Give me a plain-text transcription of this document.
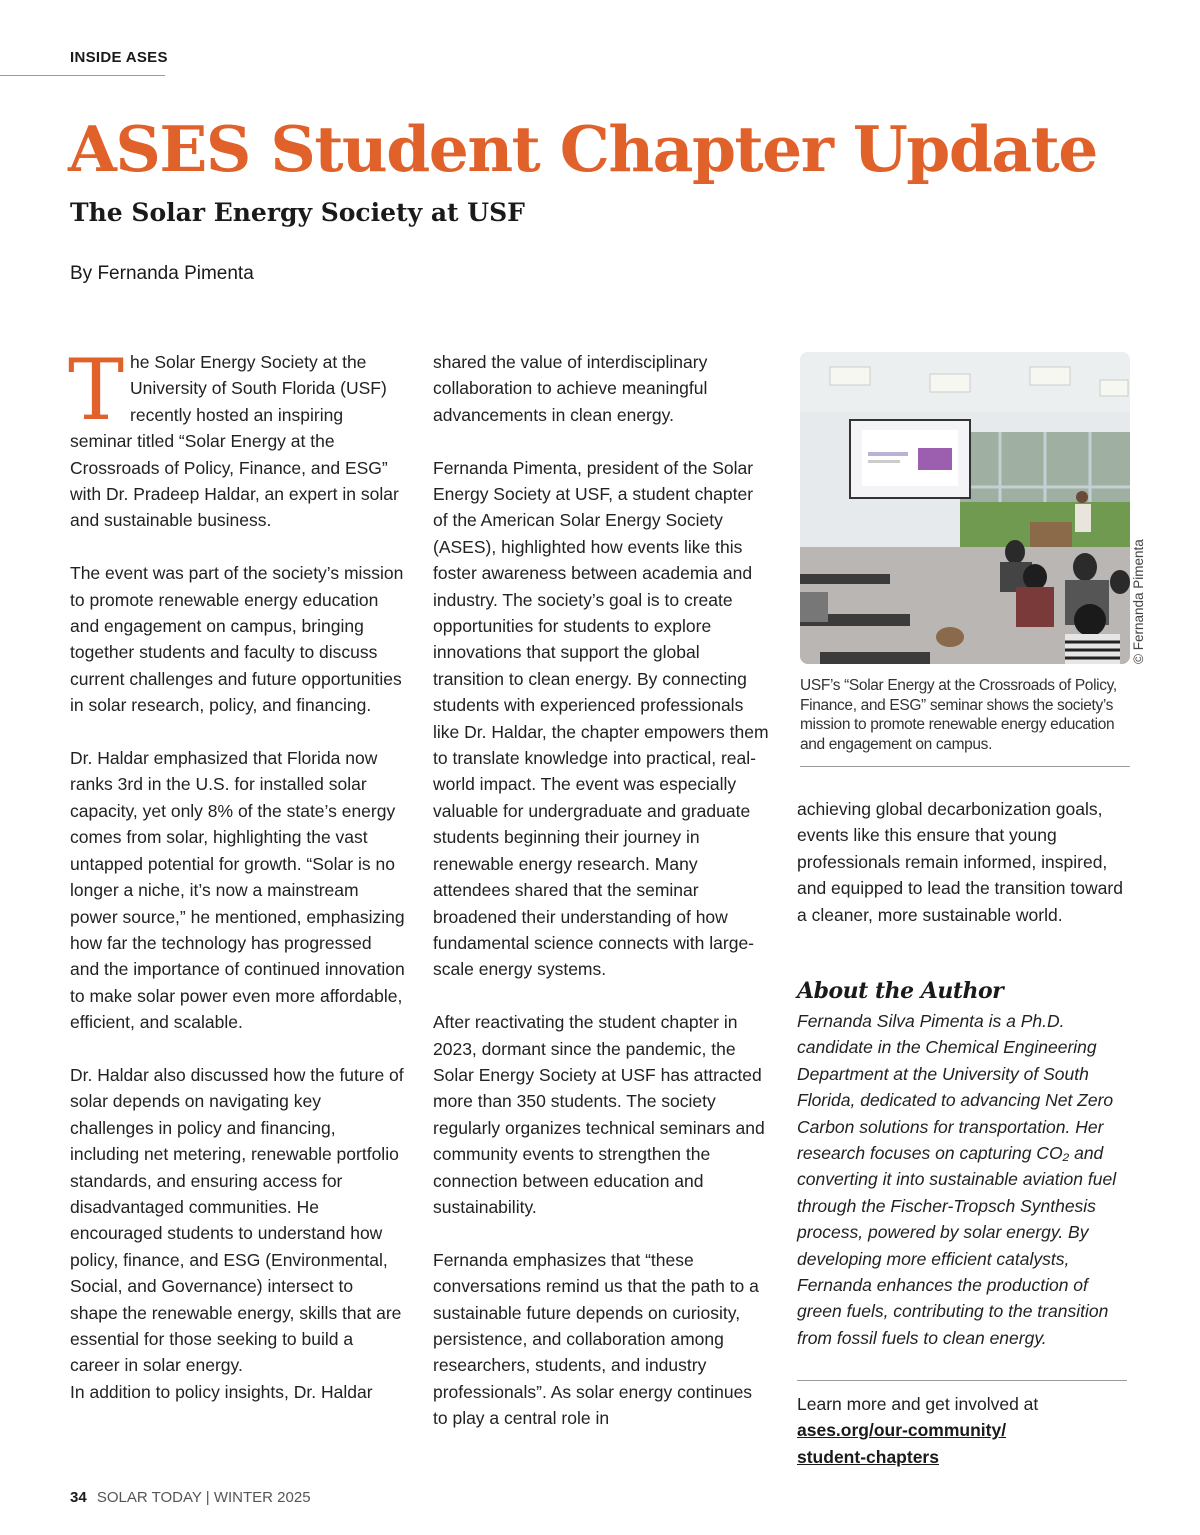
INSIDE ASES
ASES Student Chapter Update
The Solar Energy Society at USF
By Fernanda Pimenta

The Solar Energy Society at the University of South Florida (USF) recently hosted an inspiring seminar titled “Solar Energy at the Crossroads of Policy, Finance, and ESG” with Dr. Pradeep Haldar, an expert in solar and sustainable business.

The event was part of the society’s mission to promote renewable energy education and engagement on campus, bringing together students and faculty to discuss current challenges and future opportunities in solar research, policy, and financing.

Dr. Haldar emphasized that Florida now ranks 3rd in the U.S. for installed solar capacity, yet only 8% of the state’s energy comes from solar, highlighting the vast untapped potential for growth. “Solar is no longer a niche, it’s now a mainstream power source,” he mentioned, emphasizing how far the technology has progressed and the importance of continued innovation to make solar power even more affordable, efficient, and scalable.

Dr. Haldar also discussed how the future of solar depends on navigating key challenges in policy and financing, including net metering, renewable portfolio standards, and ensuring access for disadvantaged communities. He encouraged students to understand how policy, finance, and ESG (Environmental, Social, and Governance) intersect to shape the renewable energy, skills that are essential for those seeking to build a career in solar energy.

In addition to policy insights, Dr. Haldar

shared the value of interdisciplinary collaboration to achieve meaningful advancements in clean energy.

Fernanda Pimenta, president of the Solar Energy Society at USF, a student chapter of the American Solar Energy Society (ASES), highlighted how events like this foster awareness between academia and industry. The society’s goal is to create opportunities for students to explore innovations that support the global transition to clean energy. By connecting students with experienced professionals like Dr. Haldar, the chapter empowers them to translate knowledge into practical, real-world impact. The event was especially valuable for undergraduate and graduate students beginning their journey in renewable energy research. Many attendees shared that the seminar broadened their understanding of how fundamental science connects with large-scale energy systems.

After reactivating the student chapter in 2023, dormant since the pandemic, the Solar Energy Society at USF has attracted more than 350 students. The society regularly organizes technical seminars and community events to strengthen the connection between education and sustainability.

Fernanda emphasizes that “these conversations remind us that the path to a sustainable future depends on curiosity, persistence, and collaboration among researchers, students, and industry professionals”. As solar energy continues to play a central role in

© Fernanda Pimenta
USF’s “Solar Energy at the Crossroads of Policy, Finance, and ESG” seminar shows the society’s mission to promote renewable energy education and engagement on campus.

achieving global decarbonization goals, events like this ensure that young professionals remain informed, inspired, and equipped to lead the transition toward a cleaner, more sustainable world.

About the Author
Fernanda Silva Pimenta is a Ph.D. candidate in the Chemical Engineering Department at the University of South Florida, dedicated to advancing Net Zero Carbon solutions for transportation. Her research focuses on capturing CO₂ and converting it into sustainable aviation fuel through the Fischer-Tropsch Synthesis process, powered by solar energy. By developing more efficient catalysts, Fernanda enhances the production of green fuels, contributing to the transition from fossil fuels to clean energy.
Learn more and get involved at
ases.org/our-community/
student-chapters
34 SOLAR TODAY | WINTER 2025
